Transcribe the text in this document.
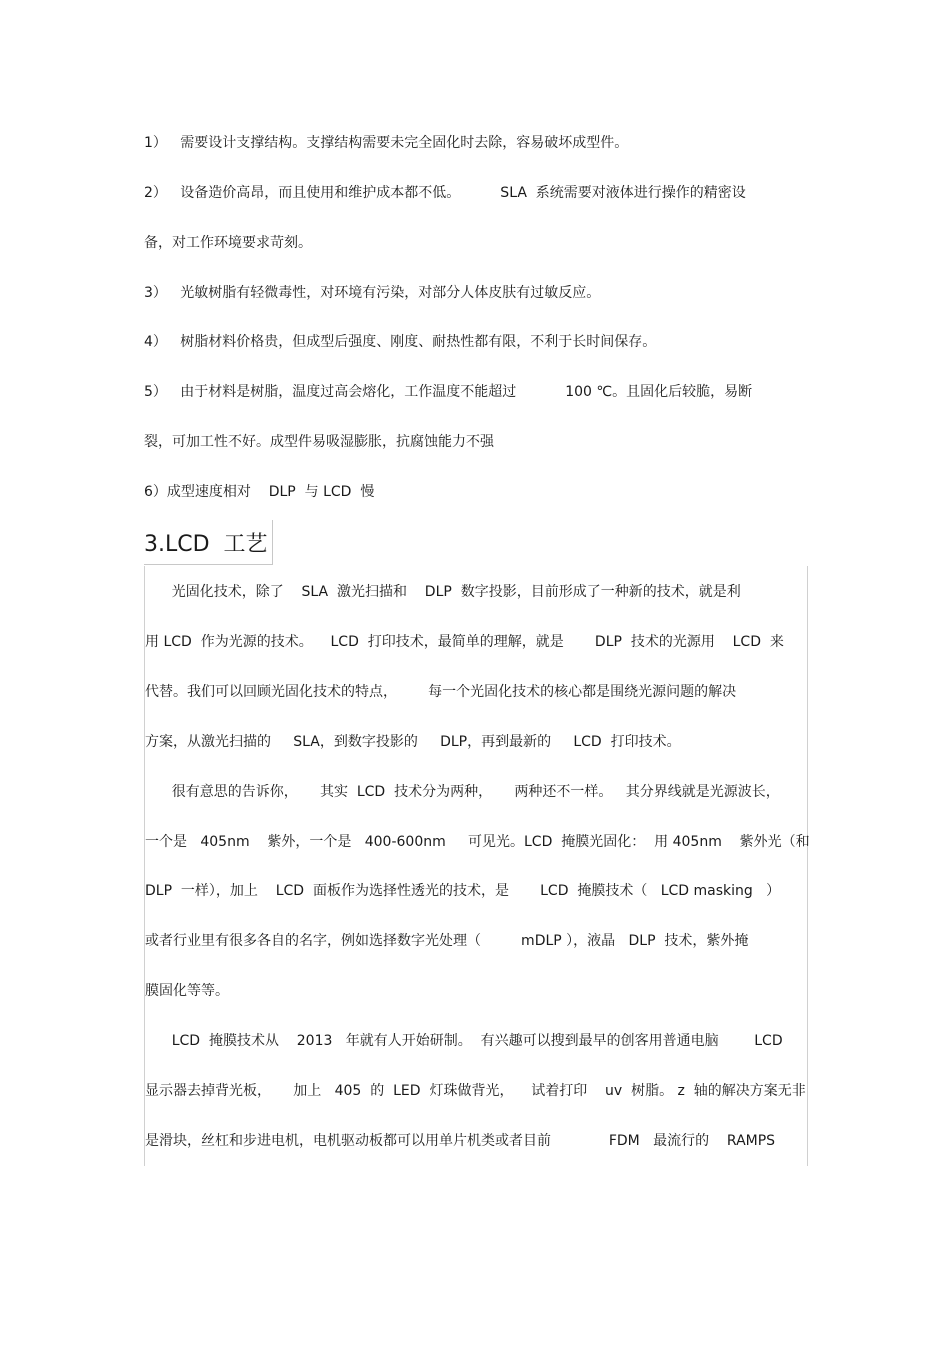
1）   需要设计支撑结构。支撑结构需要未完全固化时去除，容易破坏成型件。
2）   设备造价高昂，而且使用和维护成本都不低。         SLA  系统需要对液体进行操作的精密设
备，对工作环境要求苛刻。
3）   光敏树脂有轻微毒性，对环境有污染，对部分人体皮肤有过敏反应。
4）   树脂材料价格贵，但成型后强度、刚度、耐热性都有限，不利于长时间保存。
5）   由于材料是树脂，温度过高会熔化，工作温度不能超过           100 ℃。且固化后较脆，易断
裂，可加工性不好。成型件易吸湿膨胀，抗腐蚀能力不强
6）成型速度相对    DLP  与 LCD  慢
3.LCD  工艺
光固化技术，除了    SLA  激光扫描和    DLP  数字投影，目前形成了一种新的技术，就是利
用 LCD  作为光源的技术。    LCD  打印技术，最简单的理解，就是       DLP  技术的光源用    LCD  来
代替。我们可以回顾光固化技术的特点，       每一个光固化技术的核心都是围绕光源问题的解决
方案，从激光扫描的     SLA，到数字投影的     DLP，再到最新的     LCD  打印技术。
很有意思的告诉你，     其实  LCD  技术分为两种，     两种还不一样。   其分界线就是光源波长，
一个是   405nm    紫外，一个是   400-600nm     可见光。LCD  掩膜光固化：  用 405nm    紫外光（和
DLP  一样），加上    LCD  面板作为选择性透光的技术，是       LCD  掩膜技术（   LCD masking   ）
或者行业里有很多各自的名字，例如选择数字光处理（         mDLP ），液晶   DLP  技术，紫外掩
膜固化等等。
LCD  掩膜技术从    2013   年就有人开始研制。  有兴趣可以搜到最早的创客用普通电脑        LCD
显示器去掉背光板，     加上   405  的  LED  灯珠做背光，    试着打印    uv  树脂。 z  轴的解决方案无非
是滑块，丝杠和步进电机，电机驱动板都可以用单片机类或者目前             FDM   最流行的    RAMPS
